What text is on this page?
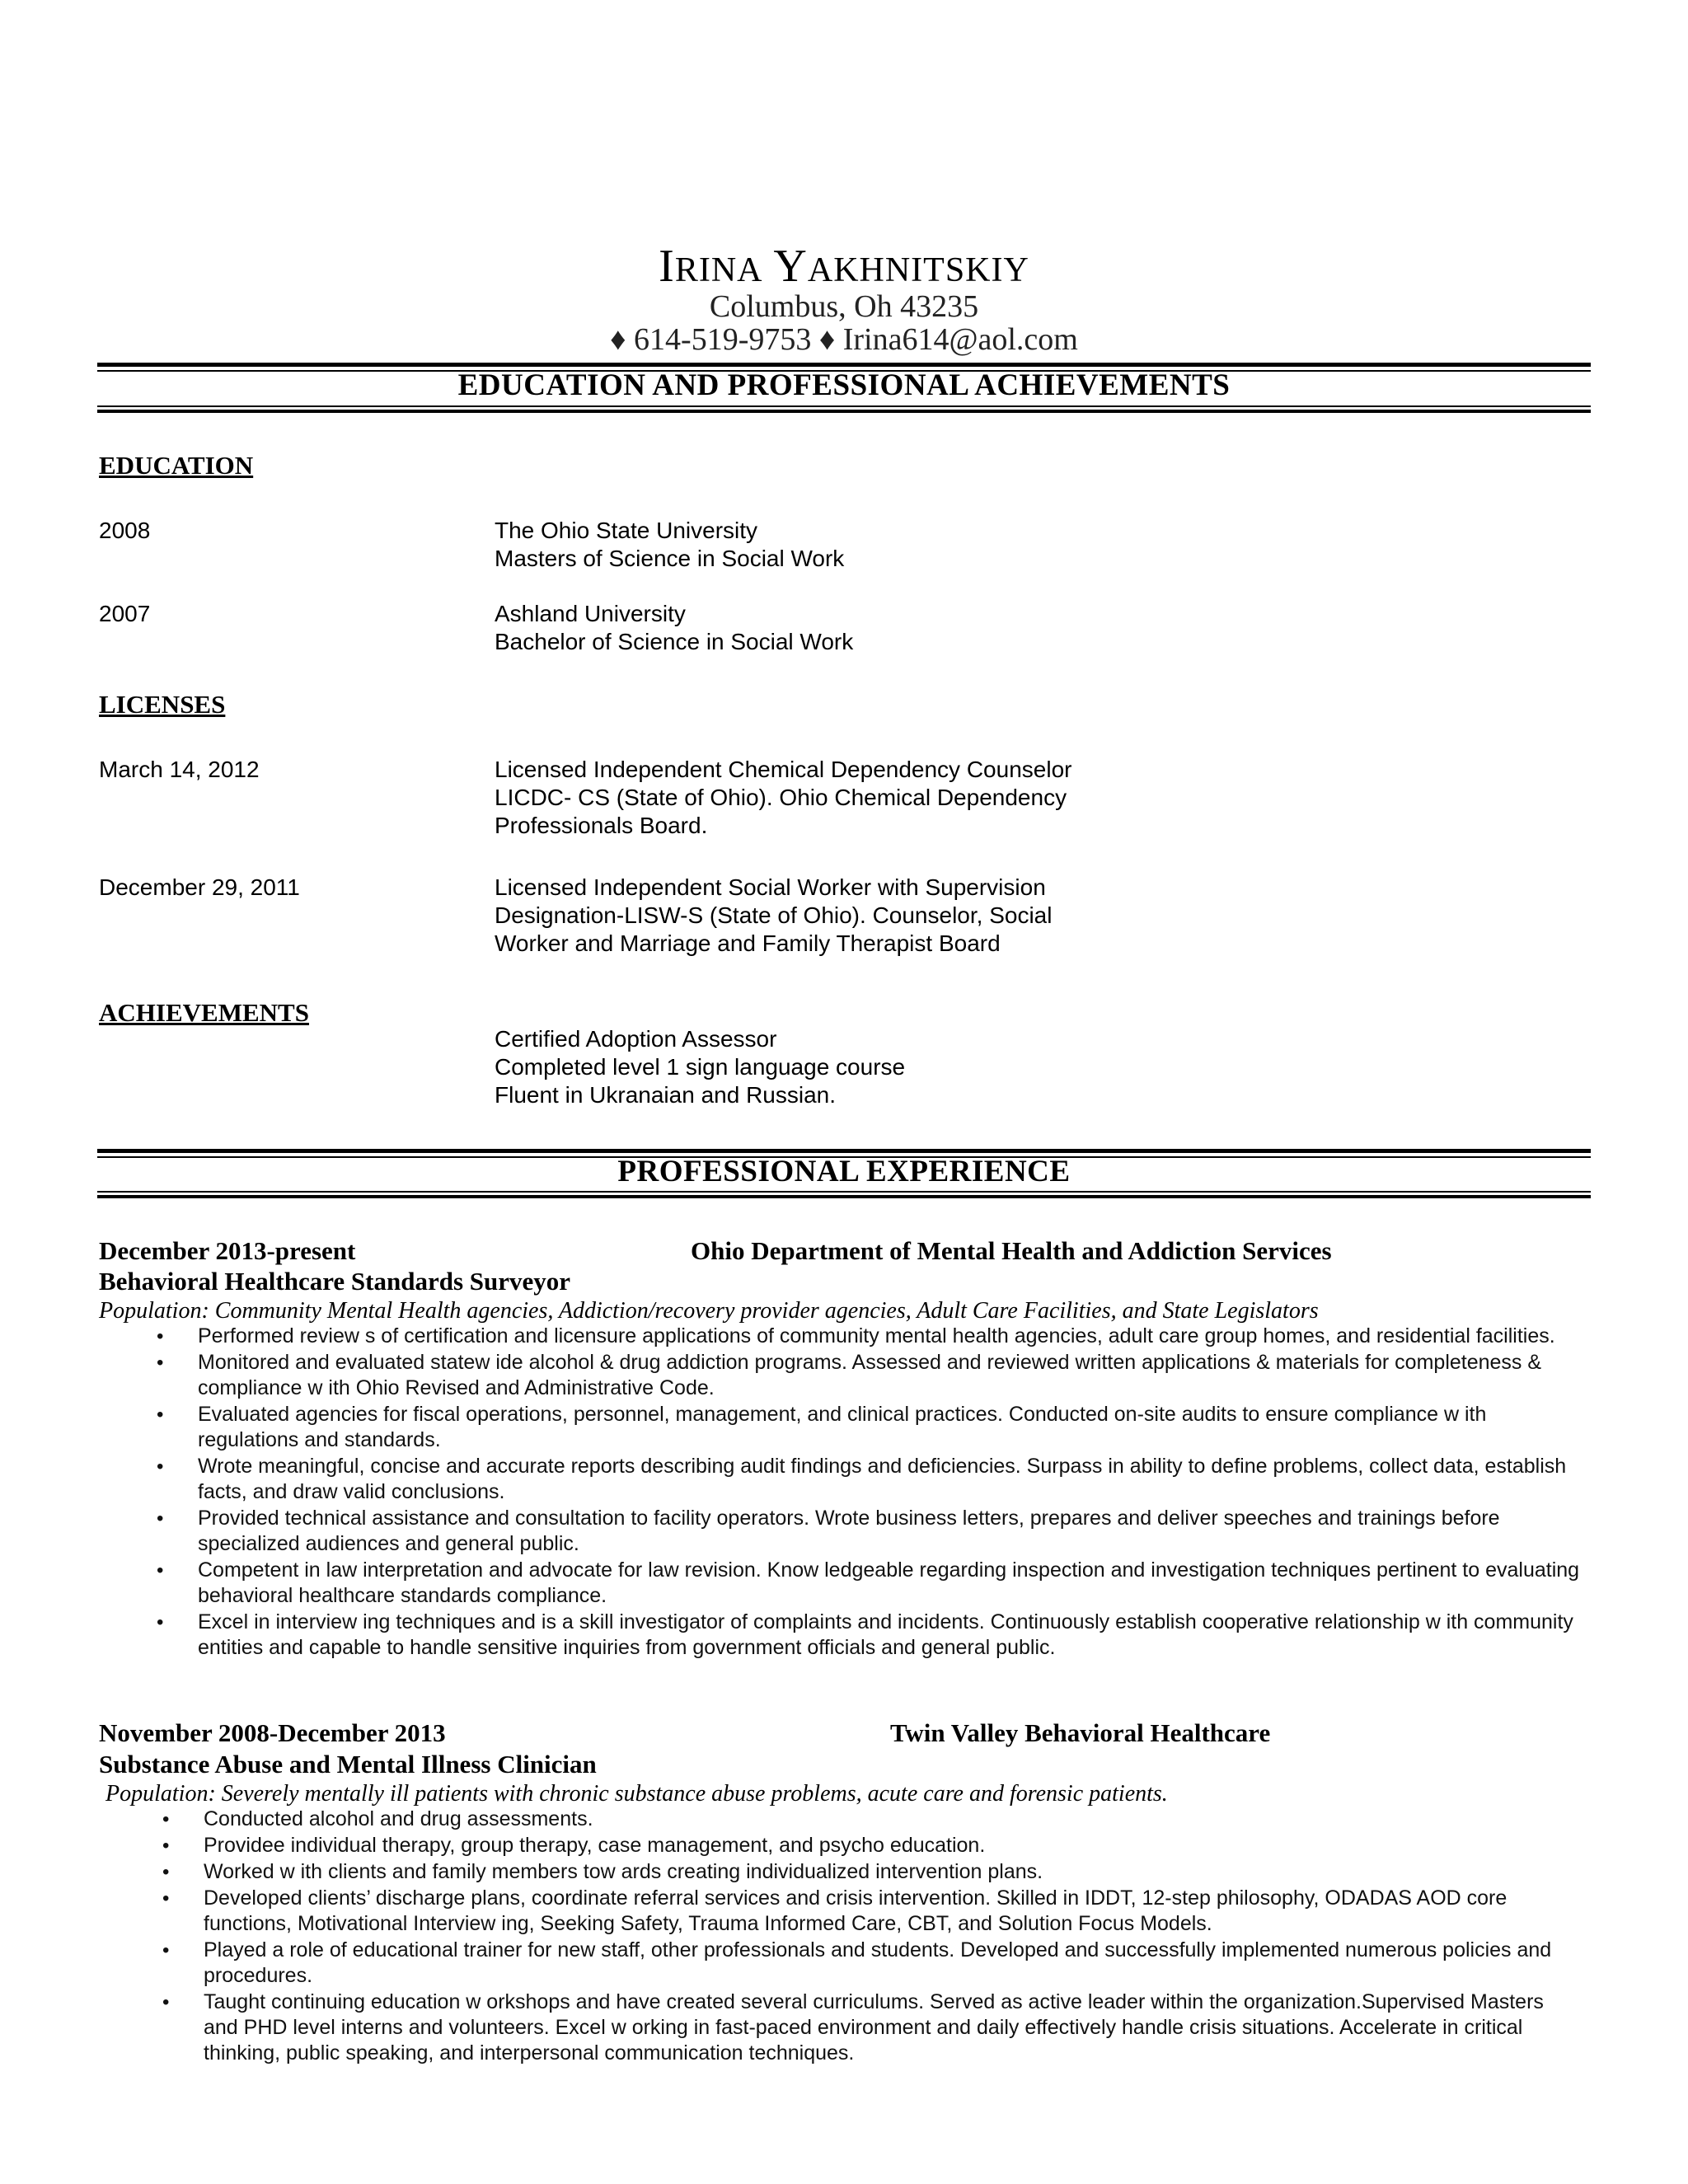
IRINA YAKHNITSKIY
Columbus, Oh 43235
♦ 614-519-9753 ♦ Irina614@aol.com
EDUCATION AND PROFESSIONAL ACHIEVEMENTS
EDUCATION
2008	The Ohio State University
Masters of Science in Social Work
2007	Ashland University
Bachelor of Science in Social Work
LICENSES
March 14, 2012	Licensed Independent Chemical Dependency Counselor
LICDC- CS (State of Ohio). Ohio Chemical Dependency
Professionals Board.
December 29, 2011	Licensed Independent Social Worker with Supervision
Designation-LISW-S (State of Ohio). Counselor, Social
Worker and Marriage and Family Therapist Board
ACHIEVEMENTS
Certified Adoption Assessor
Completed level 1 sign language course
Fluent in Ukranaian and Russian.
PROFESSIONAL EXPERIENCE
December 2013-present	Ohio Department of Mental Health and Addiction Services
Behavioral Healthcare Standards Surveyor
Population: Community Mental Health agencies, Addiction/recovery provider agencies, Adult Care Facilities, and State Legislators
• Performed review s of certification and licensure applications of community mental health agencies, adult care group homes, and residential facilities.
• Monitored and evaluated statew ide alcohol & drug addiction programs. Assessed and reviewed written applications & materials for completeness & compliance w ith Ohio Revised and Administrative Code.
• Evaluated agencies for fiscal operations, personnel, management, and clinical practices. Conducted on-site audits to ensure compliance w ith regulations and standards.
• Wrote meaningful, concise and accurate reports describing audit findings and deficiencies. Surpass in ability to define problems, collect data, establish facts, and draw valid conclusions.
• Provided technical assistance and consultation to facility operators. Wrote business letters, prepares and deliver speeches and trainings before specialized audiences and general public.
• Competent in law interpretation and advocate for law revision. Know ledgeable regarding inspection and investigation techniques pertinent to evaluating behavioral healthcare standards compliance.
• Excel in interview ing techniques and is a skill investigator of complaints and incidents. Continuously establish cooperative relationship w ith community entities and capable to handle sensitive inquiries from government officials and general public.
November 2008-December 2013	Twin Valley Behavioral Healthcare
Substance Abuse and Mental Illness Clinician
Population: Severely mentally ill patients with chronic substance abuse problems, acute care and forensic patients.
• Conducted alcohol and drug assessments.
• Providee individual therapy, group therapy, case management, and psycho education.
• Worked w ith clients and family members tow ards creating individualized intervention plans.
• Developed clients’ discharge plans, coordinate referral services and crisis intervention. Skilled in IDDT, 12-step philosophy, ODADAS AOD core functions, Motivational Interview ing, Seeking Safety, Trauma Informed Care, CBT, and Solution Focus Models.
• Played a role of educational trainer for new staff, other professionals and students. Developed and successfully implemented numerous policies and procedures.
• Taught continuing education w orkshops and have created several curriculums. Served as active leader within the organization.Supervised Masters and PHD level interns and volunteers. Excel w orking in fast-paced environment and daily effectively handle crisis situations. Accelerate in critical thinking, public speaking, and interpersonal communication techniques.
